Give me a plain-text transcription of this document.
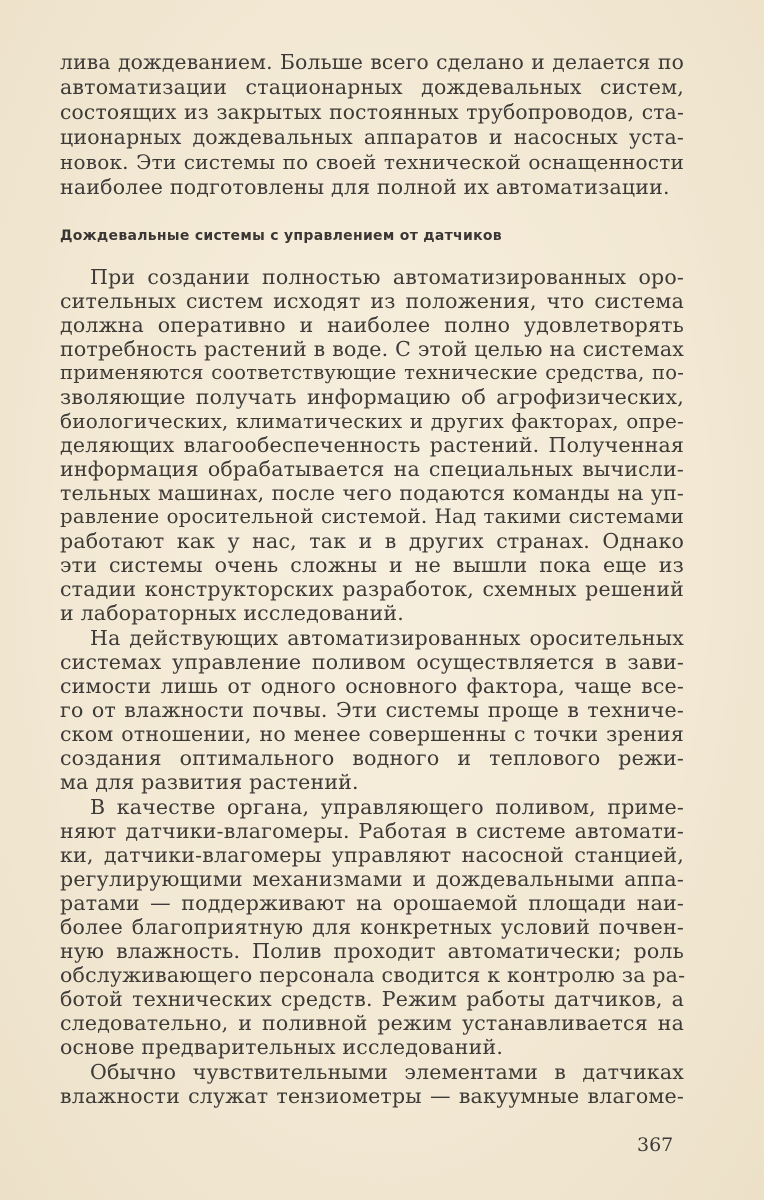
лива дождеванием. Больше всего сделано и делается по
автоматизации стационарных дождевальных систем,
состоящих из закрытых постоянных трубопроводов, ста-
ционарных дождевальных аппаратов и насосных уста-
новок. Эти системы по своей технической оснащенности
наиболее подготовлены для полной их автоматизации.
Дождевальные системы с управлением от датчиков
При создании полностью автоматизированных оро-
сительных систем исходят из положения, что система
должна оперативно и наиболее полно удовлетворять
потребность растений в воде. С этой целью на системах
применяются соответствующие технические средства, по-
зволяющие получать информацию об агрофизических,
биологических, климатических и других факторах, опре-
деляющих влагообеспеченность растений. Полученная
информация обрабатывается на специальных вычисли-
тельных машинах, после чего подаются команды на уп-
равление оросительной системой. Над такими системами
работают как у нас, так и в других странах. Однако
эти системы очень сложны и не вышли пока еще из
стадии конструкторских разработок, схемных решений
и лабораторных исследований.
На действующих автоматизированных оросительных
системах управление поливом осуществляется в зави-
симости лишь от одного основного фактора, чаще все-
го от влажности почвы. Эти системы проще в техниче-
ском отношении, но менее совершенны с точки зрения
создания оптимального водного и теплового режи-
ма для развития растений.
В качестве органа, управляющего поливом, приме-
няют датчики-влагомеры. Работая в системе автомати-
ки, датчики-влагомеры управляют насосной станцией,
регулирующими механизмами и дождевальными аппа-
ратами — поддерживают на орошаемой площади наи-
более благоприятную для конкретных условий почвен-
ную влажность. Полив проходит автоматически; роль
обслуживающего персонала сводится к контролю за ра-
ботой технических средств. Режим работы датчиков, а
следовательно, и поливной режим устанавливается на
основе предварительных исследований.
Обычно чувствительными элементами в датчиках
влажности служат тензиометры — вакуумные влагоме-
367
